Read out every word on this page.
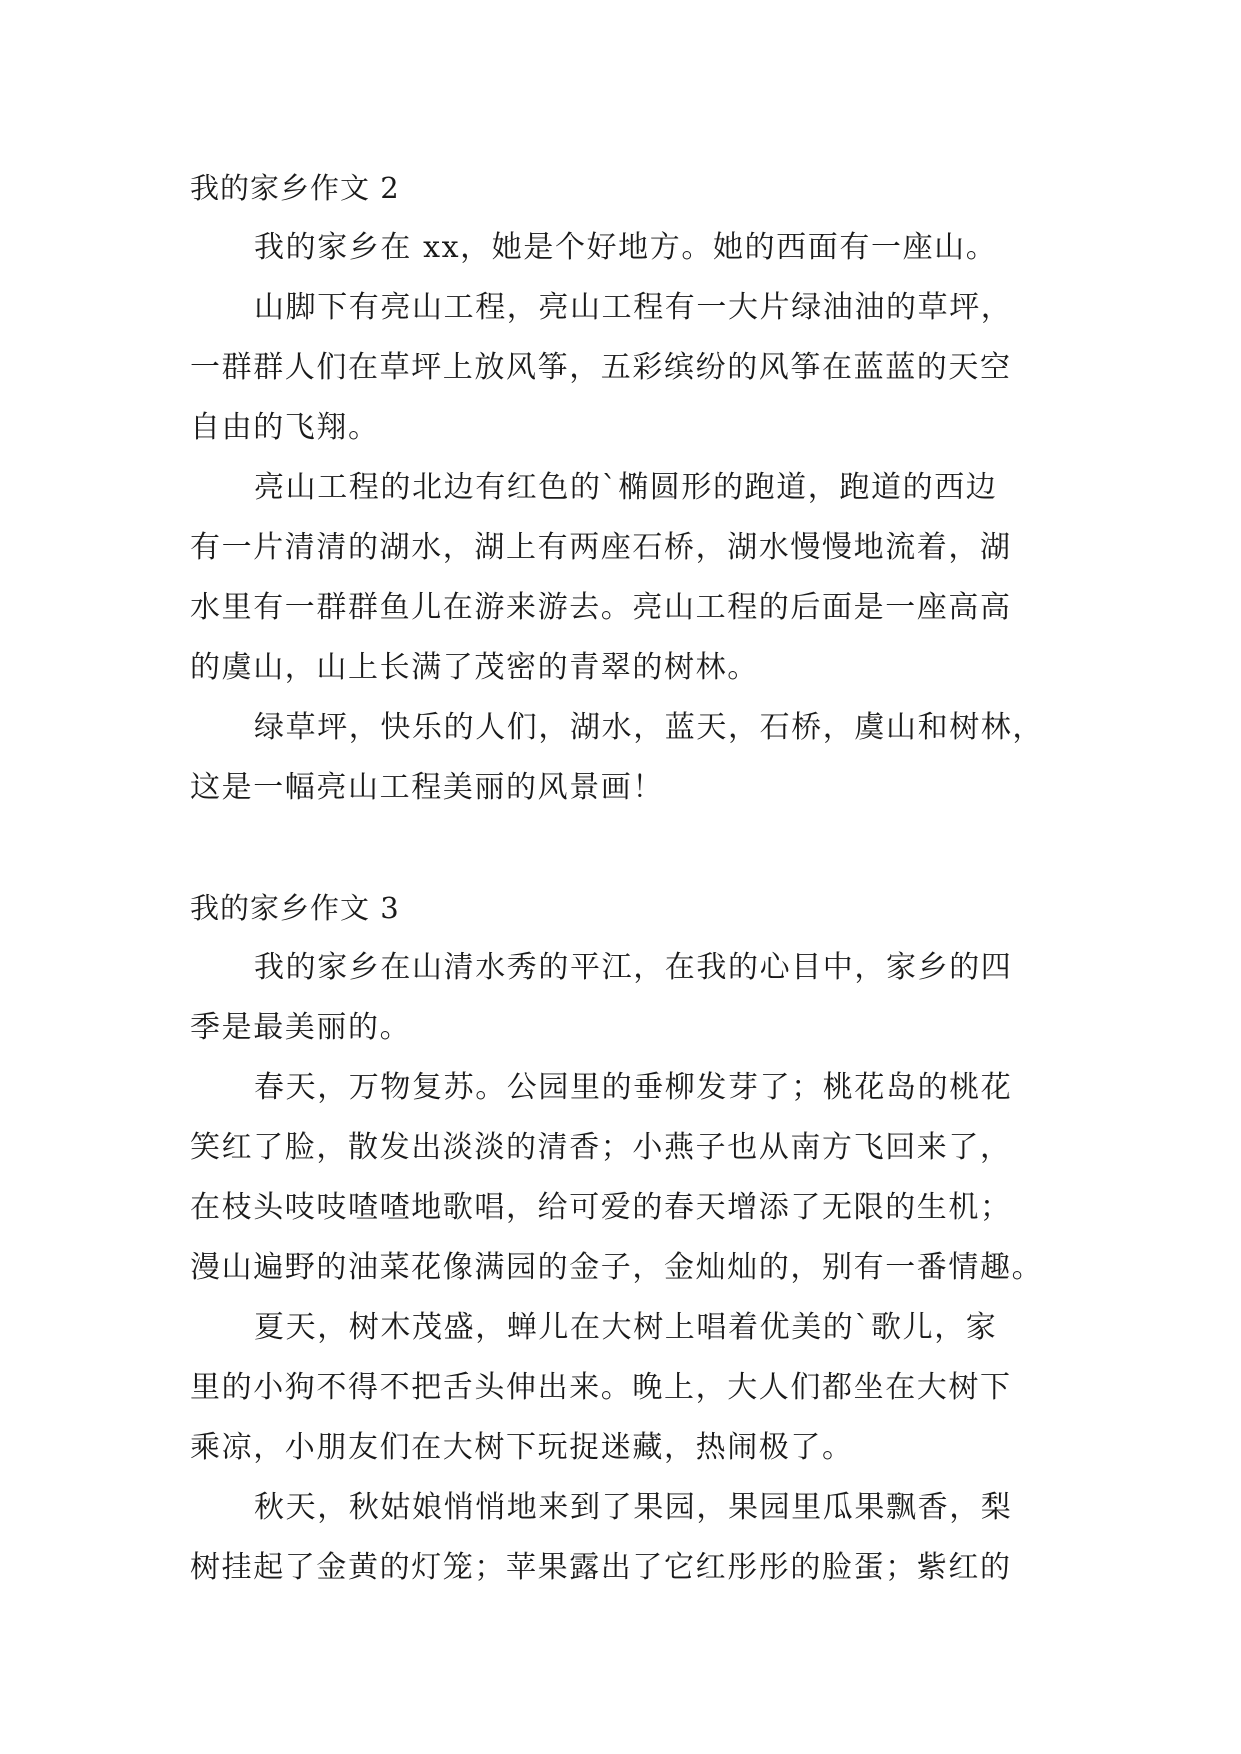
我的家乡作文 2

我的家乡在 xx，她是个好地方。她的西面有一座山。

山脚下有亮山工程，亮山工程有一大片绿油油的草坪，
一群群人们在草坪上放风筝，五彩缤纷的风筝在蓝蓝的天空
自由的飞翔。

亮山工程的北边有红色的`椭圆形的跑道，跑道的西边
有一片清清的湖水，湖上有两座石桥，湖水慢慢地流着，湖
水里有一群群鱼儿在游来游去。亮山工程的后面是一座高高
的虞山，山上长满了茂密的青翠的树林。

绿草坪，快乐的人们，湖水，蓝天，石桥，虞山和树林，
这是一幅亮山工程美丽的风景画！

我的家乡作文 3

我的家乡在山清水秀的平江，在我的心目中，家乡的四
季是最美丽的。

春天，万物复苏。公园里的垂柳发芽了；桃花岛的桃花
笑红了脸，散发出淡淡的清香；小燕子也从南方飞回来了，
在枝头吱吱喳喳地歌唱，给可爱的春天增添了无限的生机；
漫山遍野的油菜花像满园的金子，金灿灿的，别有一番情趣。

夏天，树木茂盛，蝉儿在大树上唱着优美的`歌儿，家
里的小狗不得不把舌头伸出来。晚上，大人们都坐在大树下
乘凉，小朋友们在大树下玩捉迷藏，热闹极了。

秋天，秋姑娘悄悄地来到了果园，果园里瓜果飘香，梨
树挂起了金黄的灯笼；苹果露出了它红彤彤的脸蛋；紫红的
